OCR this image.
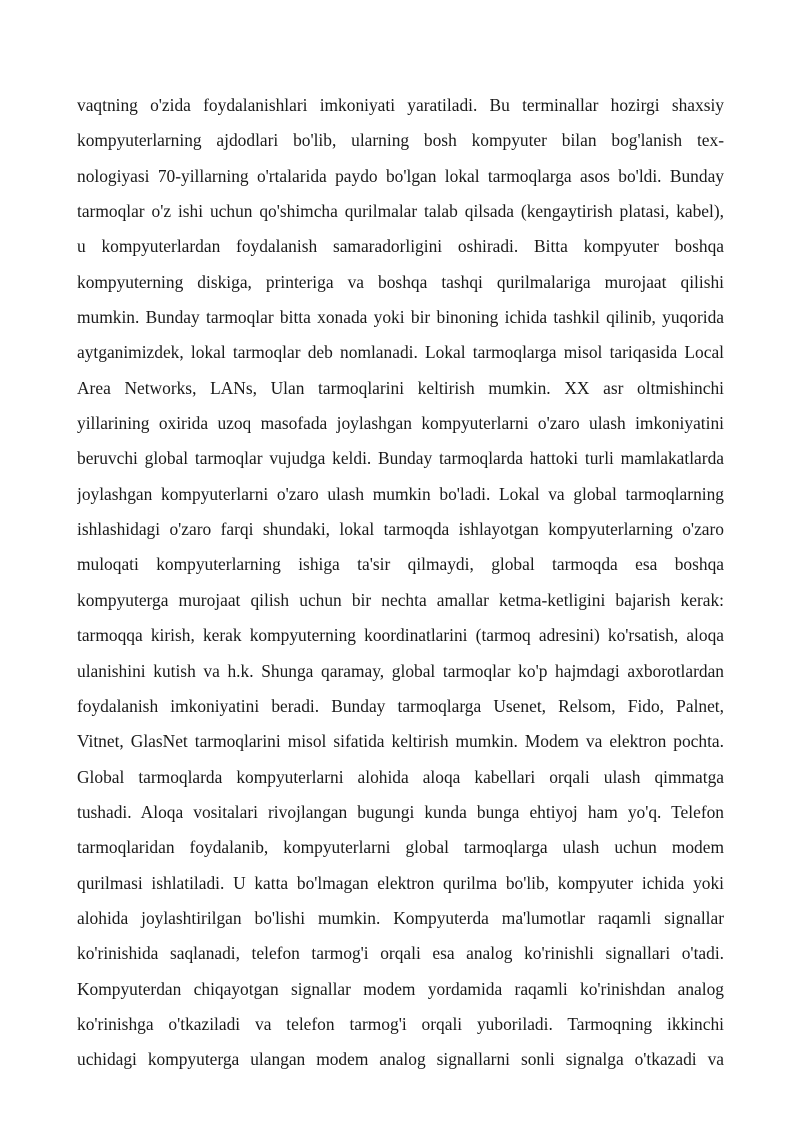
vaqtning o'zida foydalanishlari imkoniyati yaratiladi. Bu terminallar hozirgi shaxsiy
kompyuterlarning ajdodlari bo'lib, ularning bosh kompyuter bilan bog'lanish tex-
nologiyasi 70-yillarning o'rtalarida paydo bo'lgan lokal tarmoqlarga asos bo'ldi. Bunday
tarmoqlar o'z ishi uchun qo'shimcha qurilmalar talab qilsada (kengaytirish platasi, kabel),
u kompyuterlardan foydalanish samaradorligini oshiradi. Bitta kompyuter boshqa
kompyuterning diskiga, printeriga va boshqa tashqi qurilmalariga murojaat qilishi
mumkin. Bunday tarmoqlar bitta xonada yoki bir binoning ichida tashkil qilinib, yuqorida
aytganimizdek, lokal tarmoqlar deb nomlanadi. Lokal tarmoqlarga misol tariqasida Local
Area Networks, LANs, Ulan tarmoqlarini keltirish mumkin. XX asr oltmishinchi
yillarining oxirida uzoq masofada joylashgan kompyuterlarni o'zaro ulash imkoniyatini
beruvchi global tarmoqlar vujudga keldi. Bunday tarmoqlarda hattoki turli mamlakatlarda
joylashgan kompyuterlarni o'zaro ulash mumkin bo'ladi. Lokal va global tarmoqlarning
ishlashidagi o'zaro farqi shundaki, lokal tarmoqda ishlayotgan kompyuterlarning o'zaro
muloqati kompyuterlarning ishiga ta'sir qilmaydi, global tarmoqda esa boshqa
kompyuterga murojaat qilish uchun bir nechta amallar ketma-ketligini bajarish kerak:
tarmoqqa kirish, kerak kompyuterning koordinatlarini (tarmoq adresini) ko'rsatish, aloqa
ulanishini kutish va h.k. Shunga qaramay, global tarmoqlar ko'p hajmdagi axborotlardan
foydalanish imkoniyatini beradi. Bunday tarmoqlarga Usenet, Relsom, Fido, Palnet,
Vitnet, GlasNet tarmoqlarini misol sifatida keltirish mumkin. Modem va elektron pochta.
Global tarmoqlarda kompyuterlarni alohida aloqa kabellari orqali ulash qimmatga
tushadi. Aloqa vositalari rivojlangan bugungi kunda bunga ehtiyoj ham yo'q. Telefon
tarmoqlaridan foydalanib, kompyuterlarni global tarmoqlarga ulash uchun modem
qurilmasi ishlatiladi. U katta bo'lmagan elektron qurilma bo'lib, kompyuter ichida yoki
alohida joylashtirilgan bo'lishi mumkin. Kompyuterda ma'lumotlar raqamli signallar
ko'rinishida saqlanadi, telefon tarmog'i orqali esa analog ko'rinishli signallari o'tadi.
Kompyuterdan chiqayotgan signallar modem yordamida raqamli ko'rinishdan analog
ko'rinishga o'tkaziladi va telefon tarmog'i orqali yuboriladi. Tarmoqning ikkinchi
uchidagi kompyuterga ulangan modem analog signallarni sonli signalga o'tkazadi va
